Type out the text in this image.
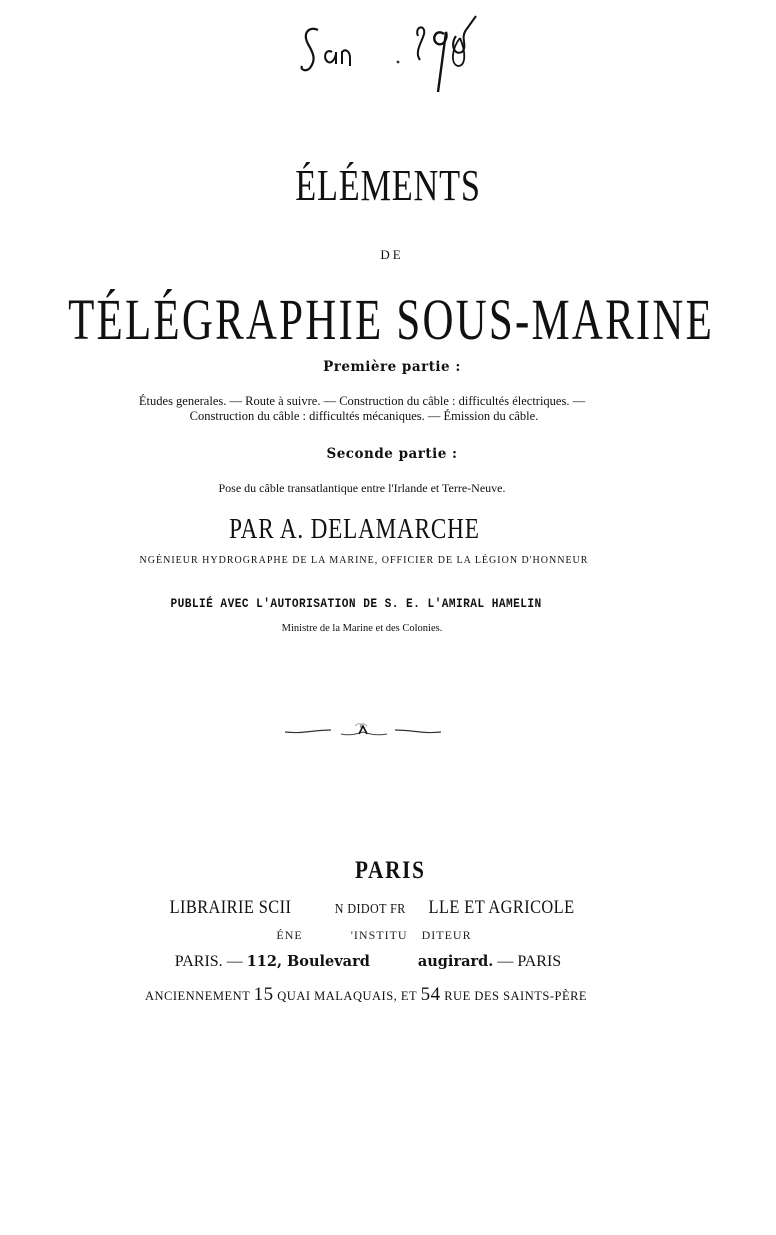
ÉLÉMENTS
DE
TÉLÉGRAPHIE SOUS-MARINE
Première partie :
Études generales. — Route à suivre. — Construction du câble : difficultés électriques. —
Construction du câble : difficultés mécaniques. — Émission du câble.
Seconde partie :
Pose du câble transatlantique entre l'Irlande et Terre-Neuve.
PAR A. DELAMARCHE
NGÉNIEUR HYDROGRAPHE DE LA MARINE, OFFICIER DE LA LÉGION D'HONNEUR
PUBLIÉ AVEC L'AUTORISATION DE S. E. L'AMIRAL HAMELIN
Ministre de la Marine et des Colonies.
PARIS
LIBRAIRIE SCII	N DIDOT FR LLE ET AGRICOLE
ÉNE	'INSTITU DITEUR
PARIS. — 112, Boulevard	augirard. — PARIS
ANCIENNEMENT 15 QUAI MALAQUAIS, ET 54 RUE DES SAINTS-PÈRE
